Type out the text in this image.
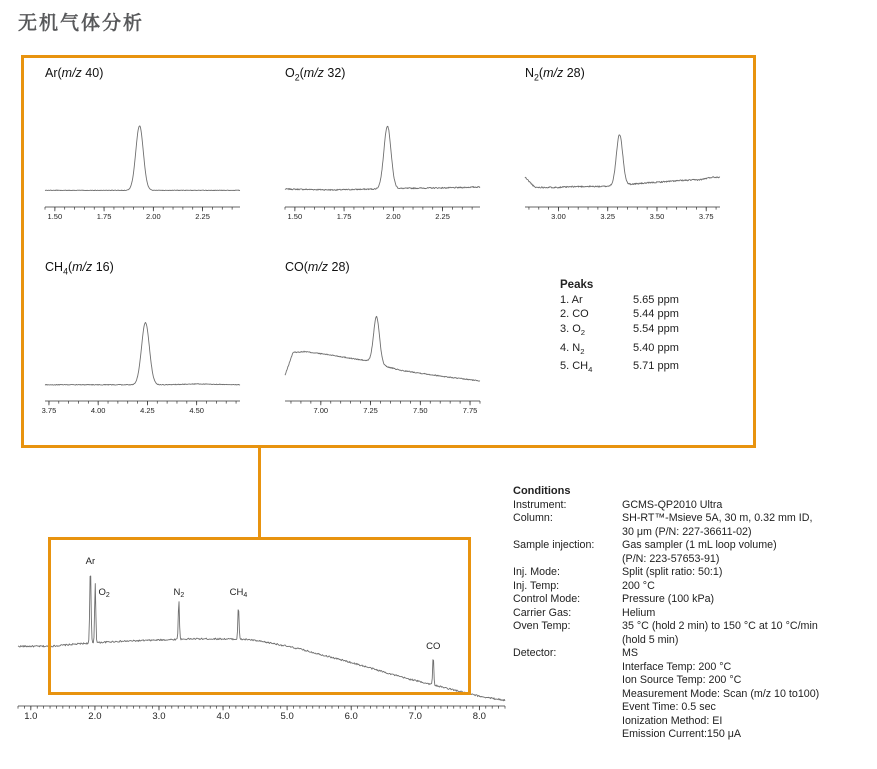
无机气体分析
Ar(m/z 40)
1.50	1.75	2.00	2.25
$O_2(m/z$ 32)
1.50	1.75	2.00	2.25
$N_2(m/z$ 28)
3.00	3.25	3.50	3.75
$CH_4(m/z$ 16)
3.75	4.00	4.25	4.50
CO(m/z 28)
7.00	7.25	7.50	7.75
Peaks
1. Ar	5.65 ppm
2. CO	5.44 ppm
3. $O_2$	5.54 ppm
4. $N_2$	5.40 ppm
5. $CH_4$	5.71 ppm
1.0	2.0	3.0	4.0	5.0	6.0	7.0	8.0
Ar
$O_2$	$N_2$	$CH_4$
CO
Conditions
Instrument:	GCMS-QP2010 Ultra
Column:	SH-RT™-Msieve 5A, 30 m, 0.32 mm ID,
30 μm (P/N: 227-36611-02)
Sample injection:	Gas sampler (1 mL loop volume)
(P/N: 223-57653-91)
Inj. Mode:	Split (split ratio: 50:1)
Inj. Temp:	200 °C
Control Mode:	Pressure (100 kPa)
Carrier Gas:	Helium
Oven Temp:	35 °C (hold 2 min) to 150 °C at 10 °C/min
(hold 5 min)
Detector:	MS
Interface Temp: 200 °C
Ion Source Temp: 200 °C
Measurement Mode: Scan (m/z 10 to100)
Event Time: 0.5 sec
Ionization Method: EI
Emission Current:150 μA
